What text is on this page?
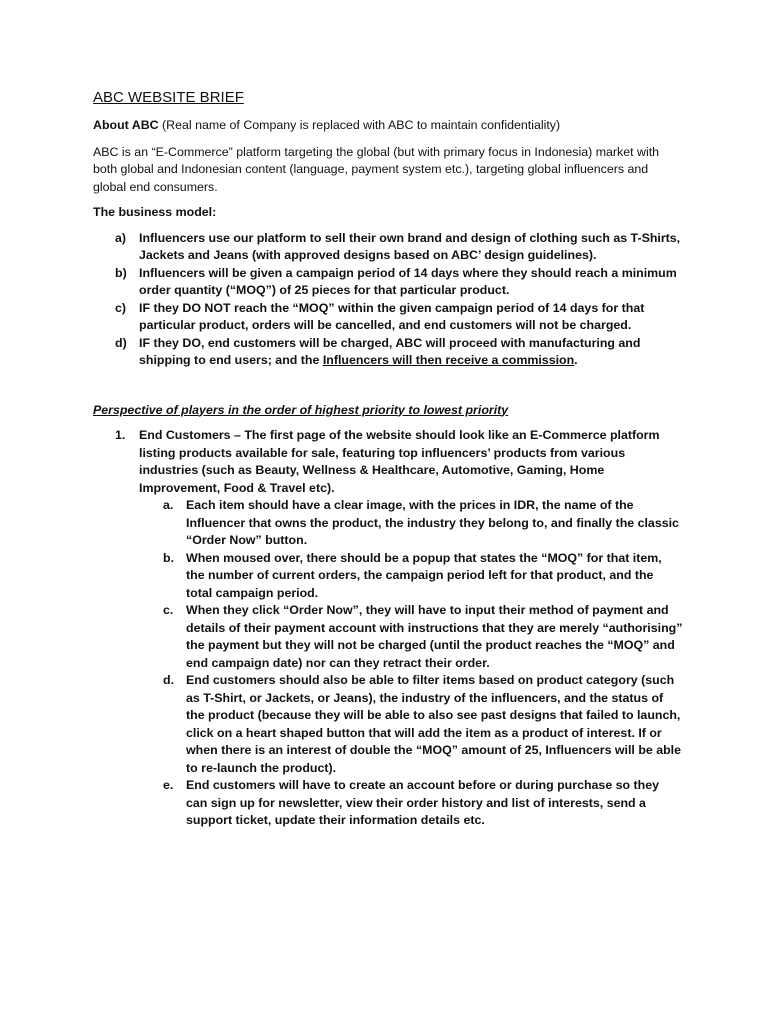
ABC WEBSITE BRIEF

About ABC (Real name of Company is replaced with ABC to maintain confidentiality)

ABC is an “E-Commerce” platform targeting the global (but with primary focus in Indonesia) market with both global and Indonesian content (language, payment system etc.), targeting global influencers and global end consumers.

The business model:

a) Influencers use our platform to sell their own brand and design of clothing such as T-Shirts, Jackets and Jeans (with approved designs based on ABC’ design guidelines).
b) Influencers will be given a campaign period of 14 days where they should reach a minimum order quantity (“MOQ”) of 25 pieces for that particular product.
c) IF they DO NOT reach the “MOQ” within the given campaign period of 14 days for that particular product, orders will be cancelled, and end customers will not be charged.
d) IF they DO, end customers will be charged, ABC will proceed with manufacturing and shipping to end users; and the Influencers will then receive a commission.

Perspective of players in the order of highest priority to lowest priority

1. End Customers – The first page of the website should look like an E-Commerce platform listing products available for sale, featuring top influencers’ products from various industries (such as Beauty, Wellness & Healthcare, Automotive, Gaming, Home Improvement, Food & Travel etc).
a. Each item should have a clear image, with the prices in IDR, the name of the Influencer that owns the product, the industry they belong to, and finally the classic “Order Now” button.
b. When moused over, there should be a popup that states the “MOQ” for that item, the number of current orders, the campaign period left for that product, and the total campaign period.
c. When they click “Order Now”, they will have to input their method of payment and details of their payment account with instructions that they are merely “authorising” the payment but they will not be charged (until the product reaches the “MOQ” and end campaign date) nor can they retract their order.
d. End customers should also be able to filter items based on product category (such as T-Shirt, or Jackets, or Jeans), the industry of the influencers, and the status of the product (because they will be able to also see past designs that failed to launch, click on a heart shaped button that will add the item as a product of interest. If or when there is an interest of double the “MOQ” amount of 25, Influencers will be able to re-launch the product).
e. End customers will have to create an account before or during purchase so they can sign up for newsletter, view their order history and list of interests, send a support ticket, update their information details etc.
